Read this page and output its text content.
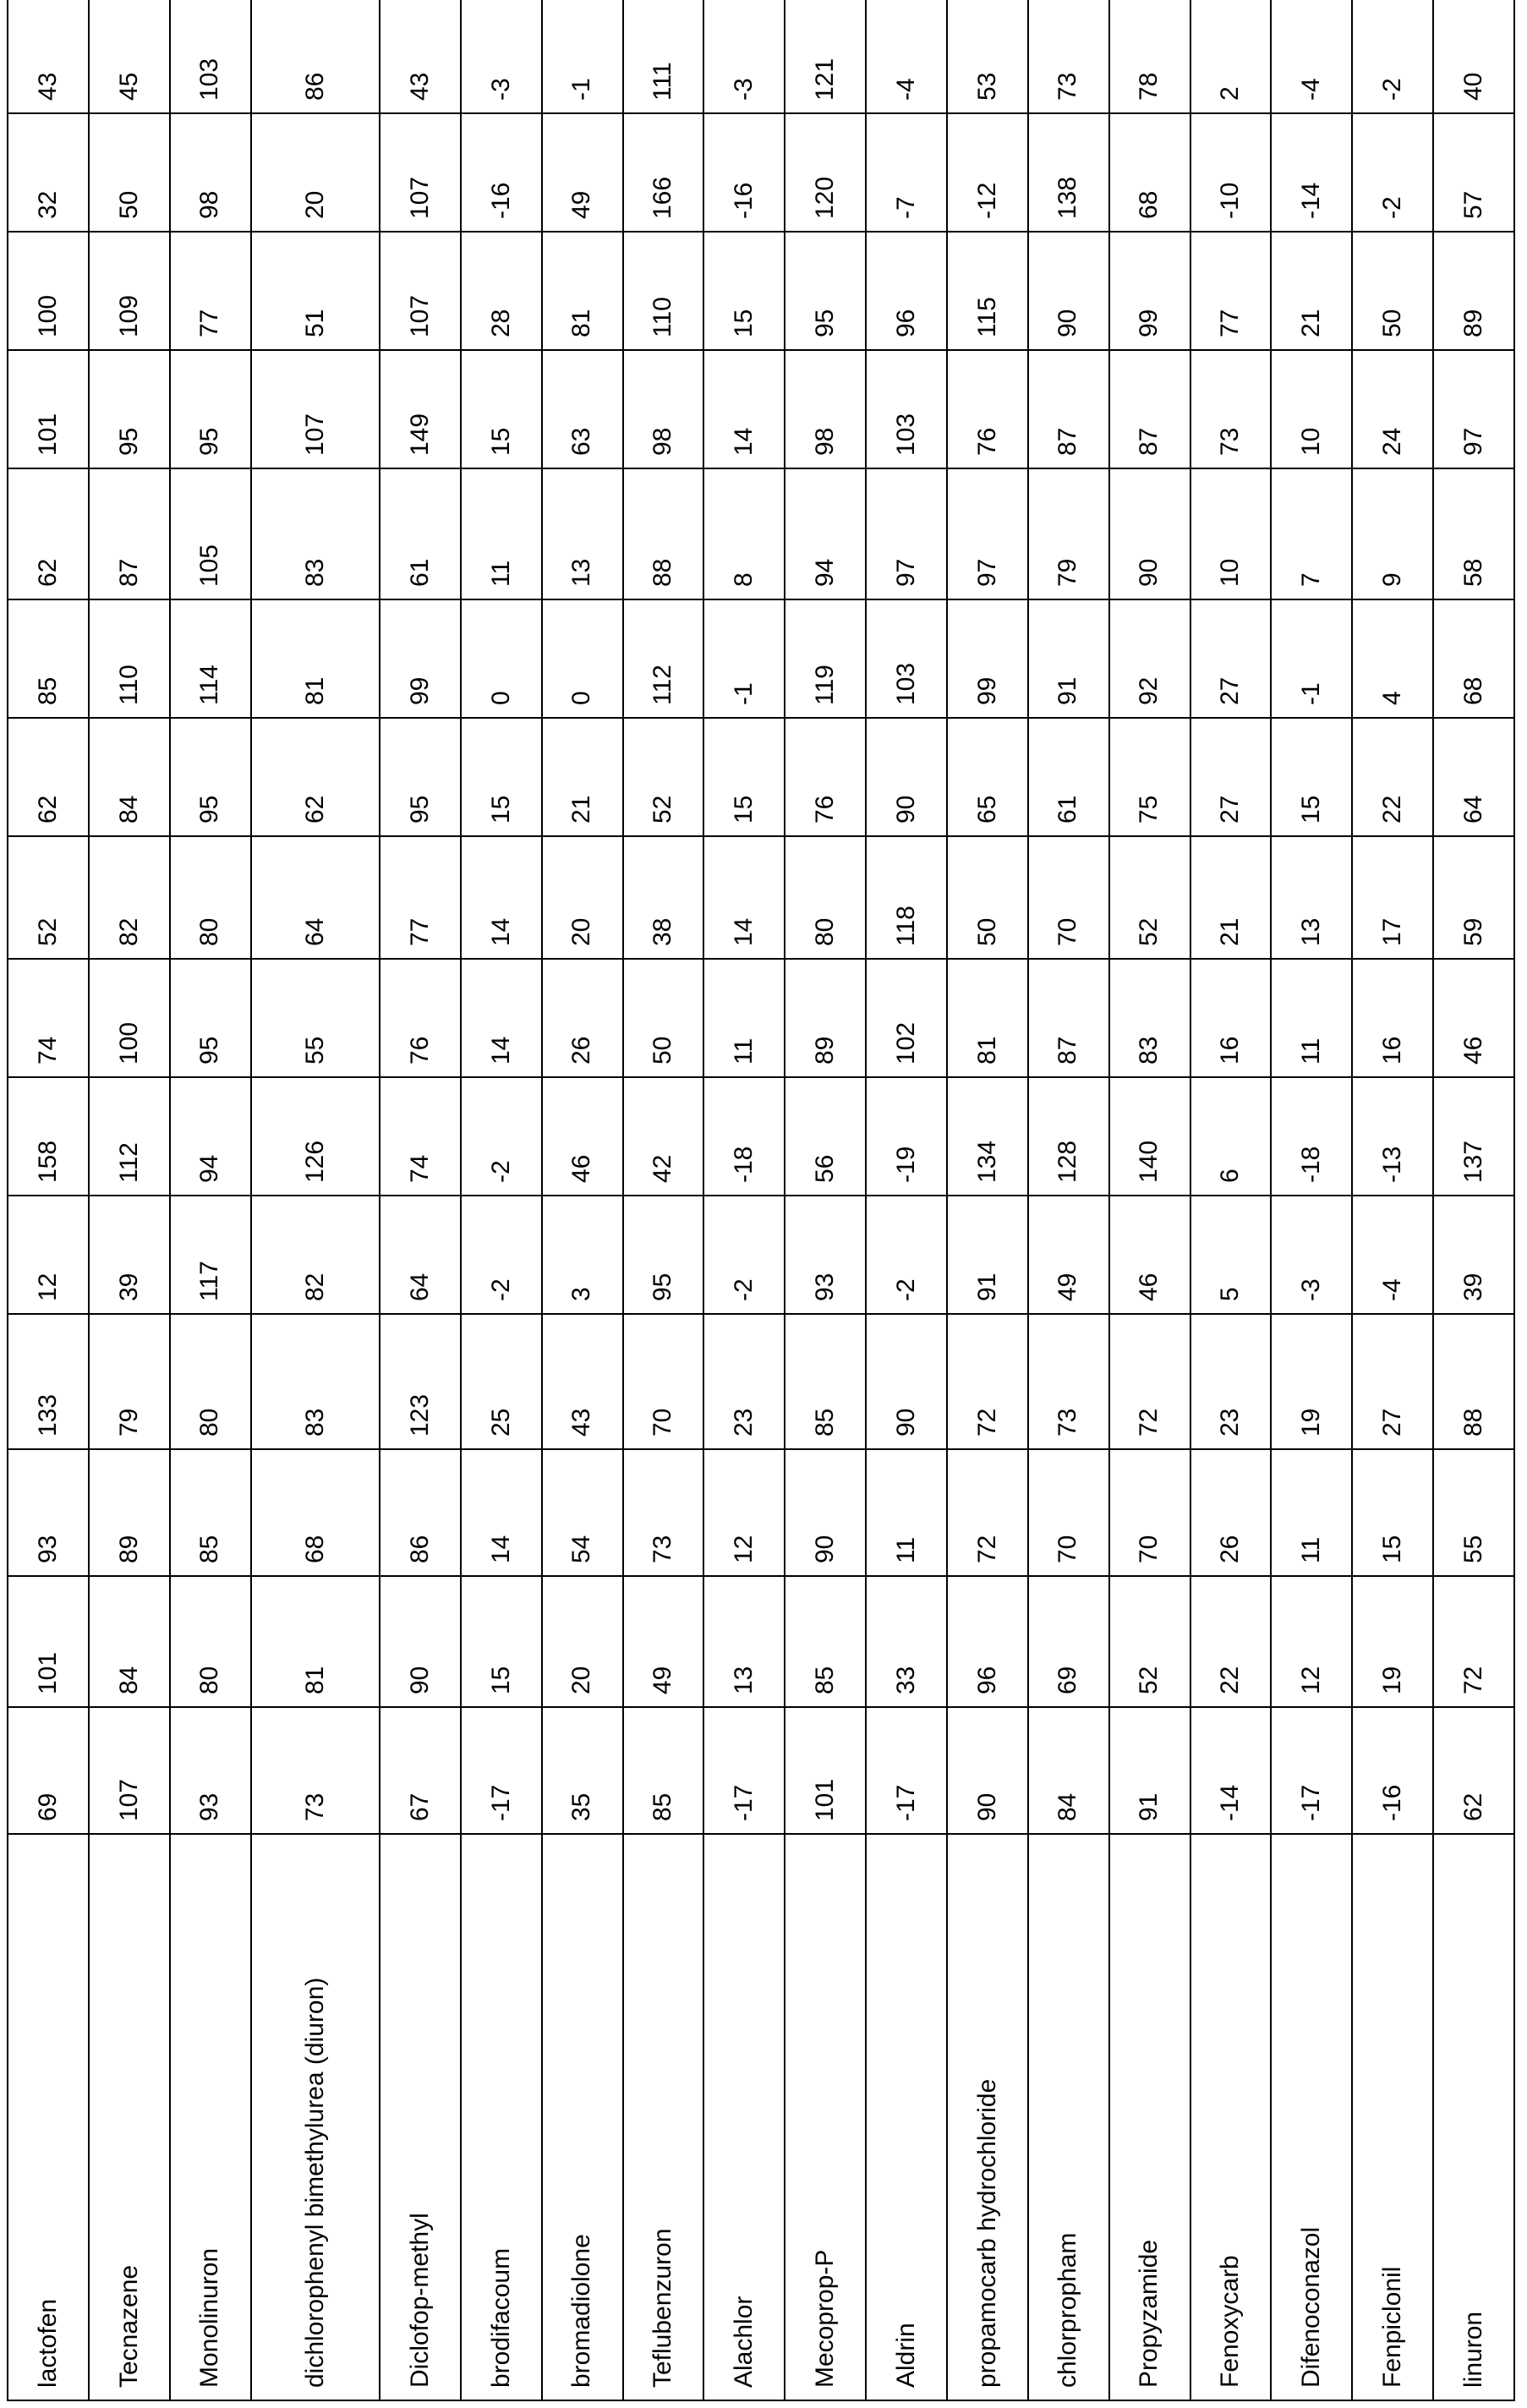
lactofen	69	101	93	133	12	158	74	52	62	85	62	101	100	32	43

Tecnazene	107	84	89	79	39	112	100	82	84	110	87	95	109	50	45

Monolinuron	93	80	85	80	117	94	95	80	95	114	105	95	77	98	103

dichlorophenyl bimethylurea (diuron)	73	81	68	83	82	126	55	64	62	81	83	107	51	20	86

Diclofop-methyl	67	90	86	123	64	74	76	77	95	99	61	149	107	107	43

brodifacoum	-17	15	14	25	-2	-2	14	14	15	0	11	15	28	-16	-3

bromadiolone	35	20	54	43	3	46	26	20	21	0	13	63	81	49	-1

Teflubenzuron	85	49	73	70	95	42	50	38	52	112	88	98	110	166	111

Alachlor	-17	13	12	23	-2	-18	11	14	15	-1	8	14	15	-16	-3

Mecoprop-P	101	85	90	85	93	56	89	80	76	119	94	98	95	120	121

Aldrin	-17	33	11	90	-2	-19	102	118	90	103	97	103	96	-7	-4

propamocarb hydrochloride	90	96	72	72	91	134	81	50	65	99	97	76	115	-12	53

chlorpropham	84	69	70	73	49	128	87	70	61	91	79	87	90	138	73

Propyzamide	91	52	70	72	46	140	83	52	75	92	90	87	99	68	78

Fenoxycarb	-14	22	26	23	5	6	16	21	27	27	10	73	77	-10	2

Difenoconazol	-17	12	11	19	-3	-18	11	13	15	-1	7	10	21	-14	-4

Fenpiclonil	-16	19	15	27	-4	-13	16	17	22	4	9	24	50	-2	-2

linuron	62	72	55	88	39	137	46	59	64	68	58	97	89	57	40
